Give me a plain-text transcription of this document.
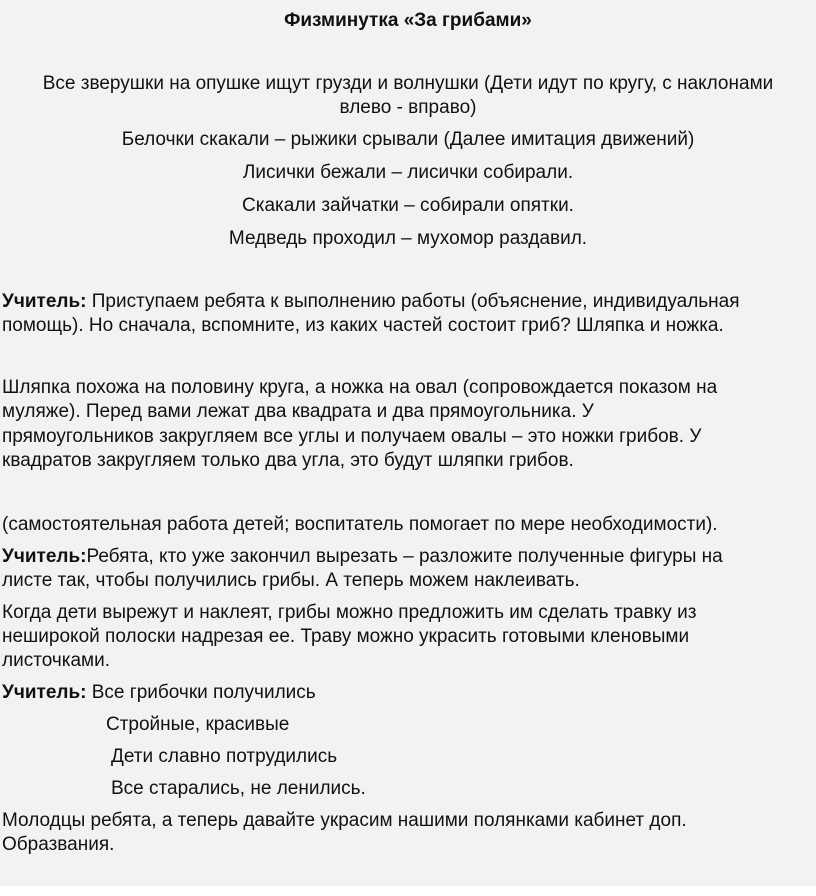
Физминутка «За грибами»
Все зверушки на опушке ищут грузди и волнушки (Дети идут по кругу, с наклонами
влево - вправо)
Белочки скакали – рыжики срывали (Далее имитация движений)
Лисички бежали – лисички собирали.
Скакали зайчатки – собирали опятки.
Медведь проходил – мухомор раздавил.
Учитель: Приступаем ребята к выполнению работы (объяснение, индивидуальная
помощь). Но сначала, вспомните, из каких частей состоит гриб? Шляпка и ножка.
Шляпка похожа на половину круга, а ножка на овал (сопровождается показом на
муляже). Перед вами лежат два квадрата и два прямоугольника. У
прямоугольников закругляем все углы и получаем овалы – это ножки грибов. У
квадратов закругляем только два угла, это будут шляпки грибов.
(самостоятельная работа детей; воспитатель помогает по мере необходимости).
Учитель:Ребята, кто уже закончил вырезать – разложите полученные фигуры на
листе так, чтобы получились грибы. А теперь можем наклеивать.
Когда дети вырежут и наклеят, грибы можно предложить им сделать травку из
неширокой полоски надрезая ее. Траву можно украсить готовыми кленовыми
листочками.
Учитель: Все грибочки получились
Стройные, красивые
Дети славно потрудились
Все старались, не ленились.
Молодцы ребята, а теперь давайте украсим нашими полянками кабинет доп.
Образвания.
